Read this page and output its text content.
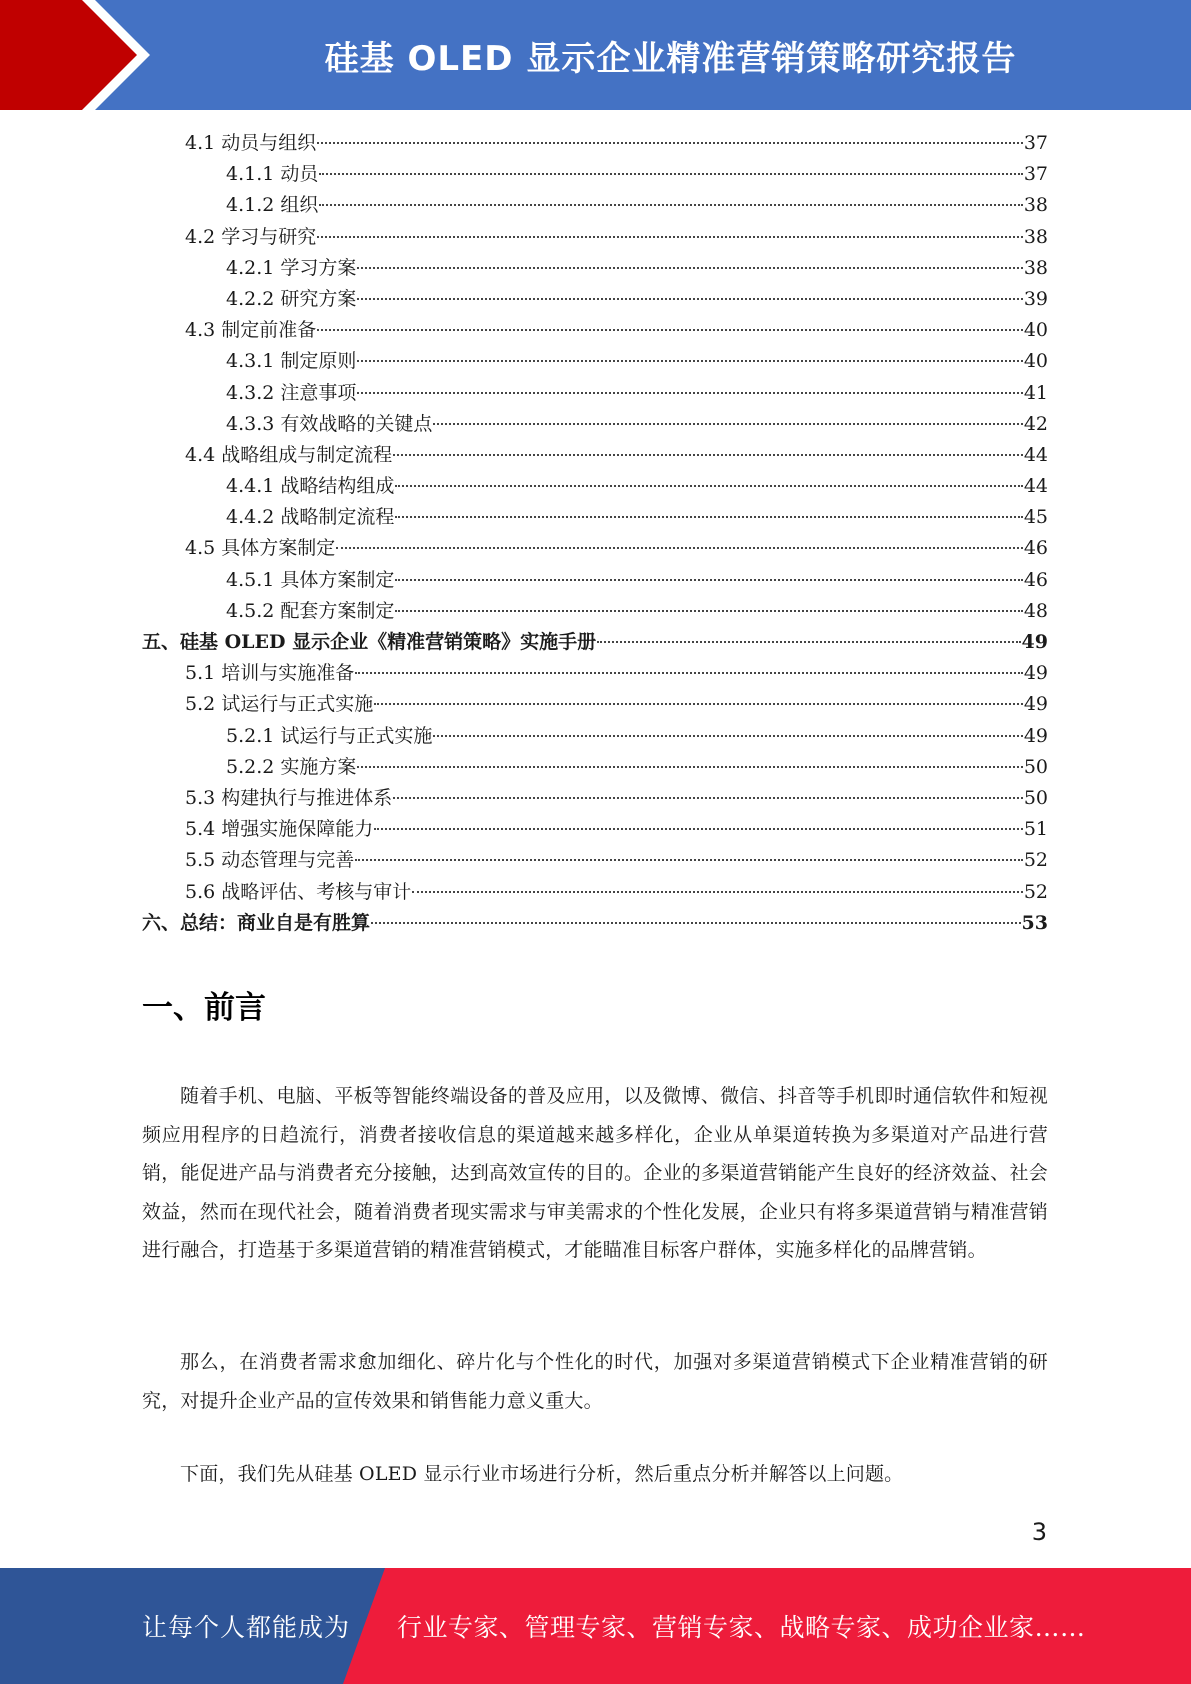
硅基 OLED 显示企业精准营销策略研究报告
4.1 动员与组织	37
4.1.1 动员	37
4.1.2 组织	38
4.2 学习与研究	38
4.2.1 学习方案	38
4.2.2 研究方案	39
4.3 制定前准备	40
4.3.1 制定原则	40
4.3.2 注意事项	41
4.3.3 有效战略的关键点	42
4.4 战略组成与制定流程	44
4.4.1 战略结构组成	44
4.4.2 战略制定流程	45
4.5 具体方案制定	46
4.5.1 具体方案制定	46
4.5.2 配套方案制定	48
五、硅基 OLED 显示企业《精准营销策略》实施手册	49
5.1 培训与实施准备	49
5.2 试运行与正式实施	49
5.2.1 试运行与正式实施	49
5.2.2 实施方案	50
5.3 构建执行与推进体系	50
5.4 增强实施保障能力	51
5.5 动态管理与完善	52
5.6 战略评估、考核与审计	52
六、总结：商业自是有胜算	53
一、前言

随着手机、电脑、平板等智能终端设备的普及应用，以及微博、微信、抖音等手机即时通信软件和短视频应用程序的日趋流行，消费者接收信息的渠道越来越多样化，企业从单渠道转换为多渠道对产品进行营销，能促进产品与消费者充分接触，达到高效宣传的目的。企业的多渠道营销能产生良好的经济效益、社会效益，然而在现代社会，随着消费者现实需求与审美需求的个性化发展，企业只有将多渠道营销与精准营销进行融合，打造基于多渠道营销的精准营销模式，才能瞄准目标客户群体，实施多样化的品牌营销。

那么，在消费者需求愈加细化、碎片化与个性化的时代，加强对多渠道营销模式下企业精准营销的研究，对提升企业产品的宣传效果和销售能力意义重大。

下面，我们先从硅基 OLED 显示行业市场进行分析，然后重点分析并解答以上问题。

3
让每个人都能成为 行业专家、管理专家、营销专家、战略专家、成功企业家……
